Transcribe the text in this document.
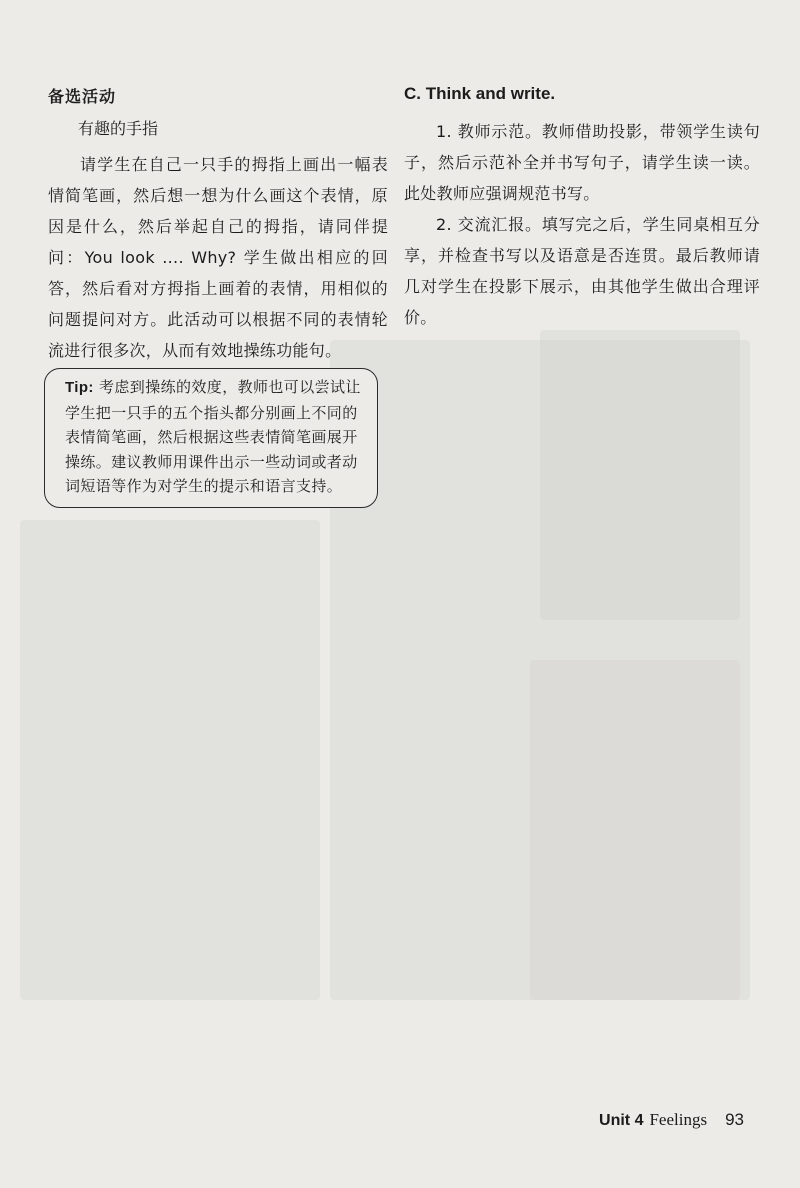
备选活动
有趣的手指

请学生在自己一只手的拇指上画出一幅表情简笔画，然后想一想为什么画这个表情，原因是什么，然后举起自己的拇指，请同伴提问：You look .... Why? 学生做出相应的回答，然后看对方拇指上画着的表情，用相似的问题提问对方。此活动可以根据不同的表情轮流进行很多次，从而有效地操练功能句。

Tip: 考虑到操练的效度，教师也可以尝试让学生把一只手的五个指头都分别画上不同的表情简笔画，然后根据这些表情简笔画展开操练。建议教师用课件出示一些动词或者动词短语等作为对学生的提示和语言支持。

C. Think and write.

1. 教师示范。教师借助投影，带领学生读句子，然后示范补全并书写句子，请学生读一读。此处教师应强调规范书写。

2. 交流汇报。填写完之后，学生同桌相互分享，并检查书写以及语意是否连贯。最后教师请几对学生在投影下展示，由其他学生做出合理评价。

Unit 4 Feelings 93
